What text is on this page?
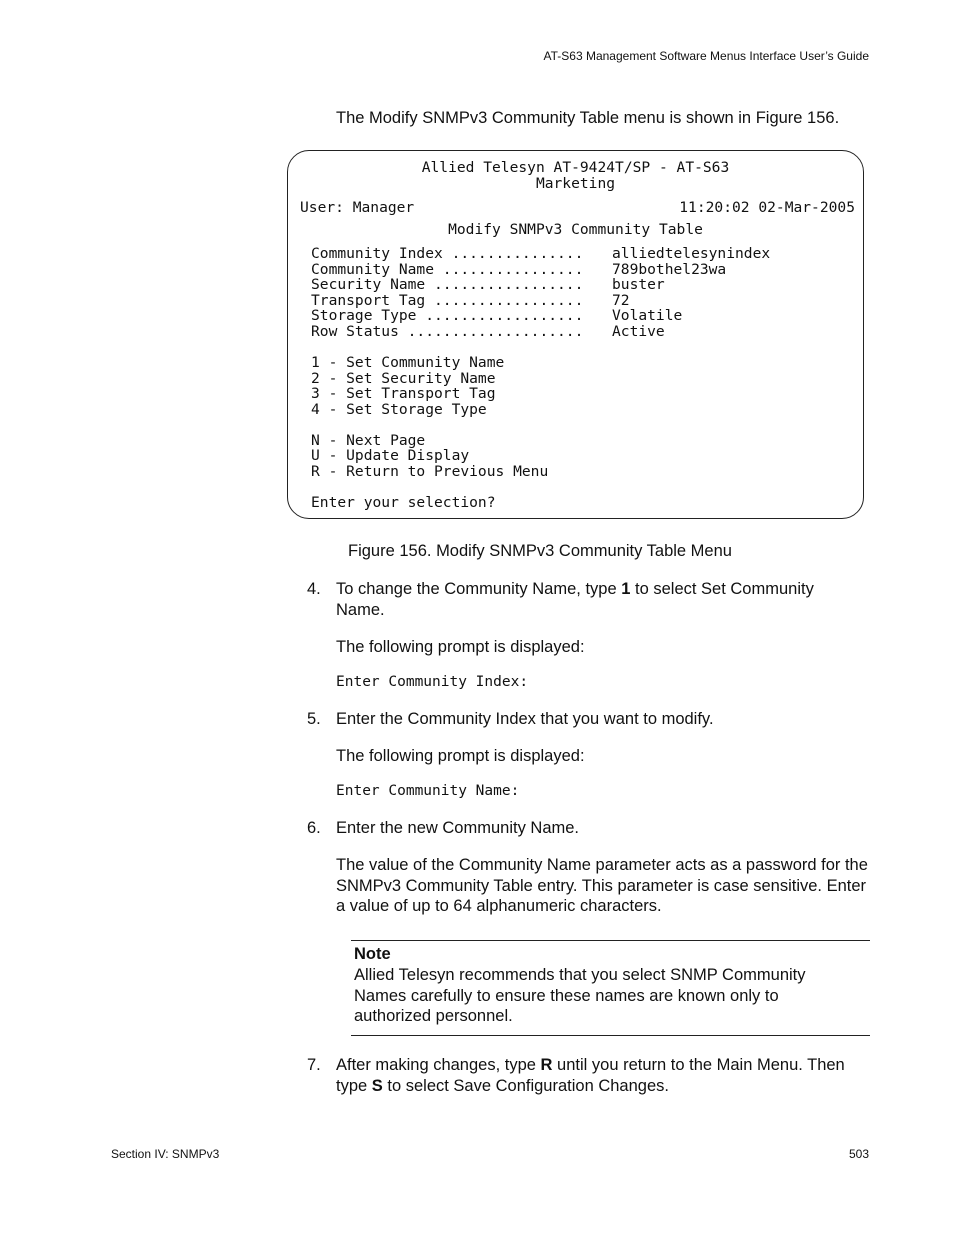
AT-S63 Management Software Menus Interface User’s Guide
The Modify SNMPv3 Community Table menu is shown in Figure 156.
Allied Telesyn AT-9424T/SP - AT-S63
Marketing
User: Manager	11:20:02 02-Mar-2005
Modify SNMPv3 Community Table
Community Index ............... alliedtelesynindex
Community Name ................ 789bothel23wa
Security Name ................. buster
Transport Tag ................. 72
Storage Type .................. Volatile
Row Status .................... Active
1 - Set Community Name
2 - Set Security Name
3 - Set Transport Tag
4 - Set Storage Type
N - Next Page
U - Update Display
R - Return to Previous Menu
Enter your selection?
Figure 156. Modify SNMPv3 Community Table Menu
4. To change the Community Name, type 1 to select Set Community Name.
The following prompt is displayed:
Enter Community Index:
5. Enter the Community Index that you want to modify.
The following prompt is displayed:
Enter Community Name:
6. Enter the new Community Name.
The value of the Community Name parameter acts as a password for the SNMPv3 Community Table entry. This parameter is case sensitive. Enter a value of up to 64 alphanumeric characters.
Note
Allied Telesyn recommends that you select SNMP Community Names carefully to ensure these names are known only to authorized personnel.
7. After making changes, type R until you return to the Main Menu. Then type S to select Save Configuration Changes.
Section IV: SNMPv3	503
